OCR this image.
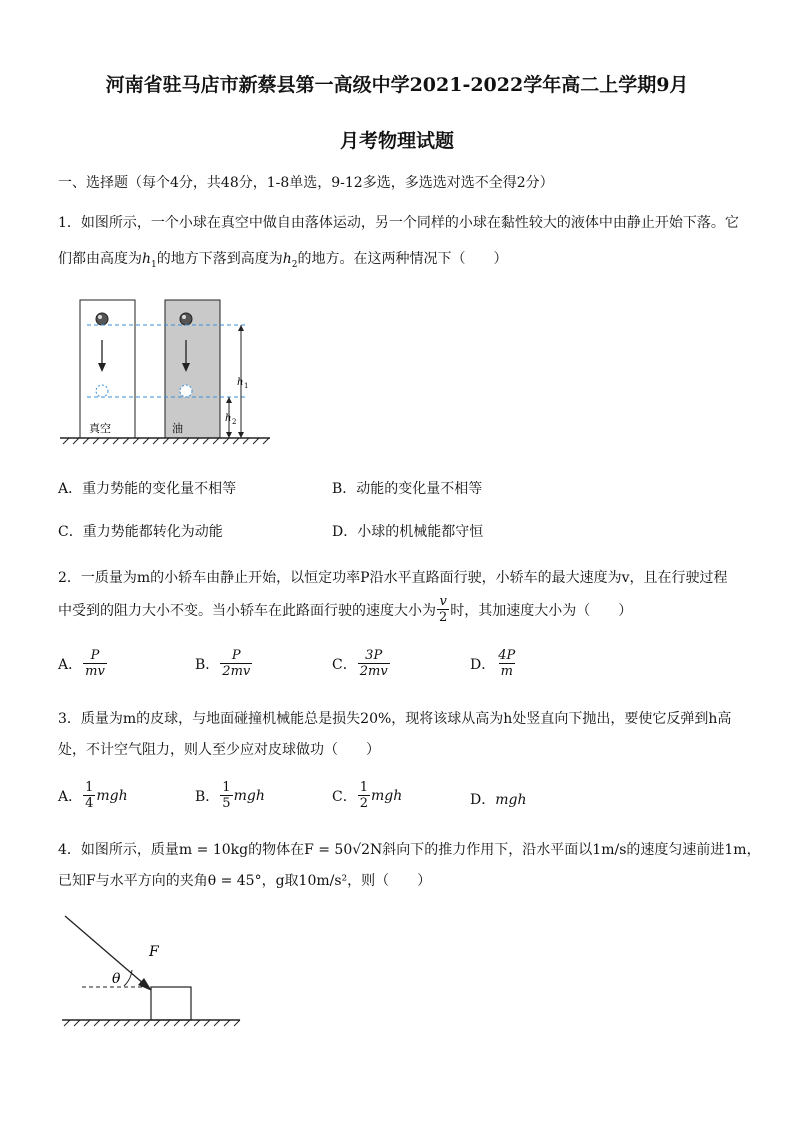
河南省驻马店市新蔡县第一高级中学2021-2022学年高二上学期9月
月考物理试题
一、选择题（每个4分，共48分，1-8单选，9-12多选，多选选对选不全得2分）
1．如图所示，一个小球在真空中做自由落体运动，另一个同样的小球在黏性较大的液体中由静止开始下落。它
们都由高度为$h_1$的地方下落到高度为$h_2$的地方。在这两种情况下（　　）
h 1
h 2
真空	油
A．重力势能的变化量不相等	B．动能的变化量不相等
C．重力势能都转化为动能	D．小球的机械能都守恒
2．一质量为m的小轿车由静止开始，以恒定功率P沿水平直路面行驶，小轿车的最大速度为v，且在行驶过程
中受到的阻力大小不变。当小轿车在此路面行驶的速度大小为
v
2 时，其加速度大小为（　　）
A．
P
mv	B．
P
2mv	C．
3P
2mv	D．
4P
m
3．质量为m的皮球，与地面碰撞机械能总是损失20%，现将该球从高为h处竖直向下抛出，要使它反弹到h高
处，不计空气阻力，则人至少应对皮球做功（　　）
A．
1
4 mgh	B．
1
5 mgh	C．
1
2 mgh	D．mgh
4．如图所示，质量m = 10kg的物体在F = 50√2N斜向下的推力作用下，沿水平面以1m/s的速度匀速前进1m，
已知F与水平方向的夹角θ = 45°，g取10m/s²，则（　　）
F
θ
